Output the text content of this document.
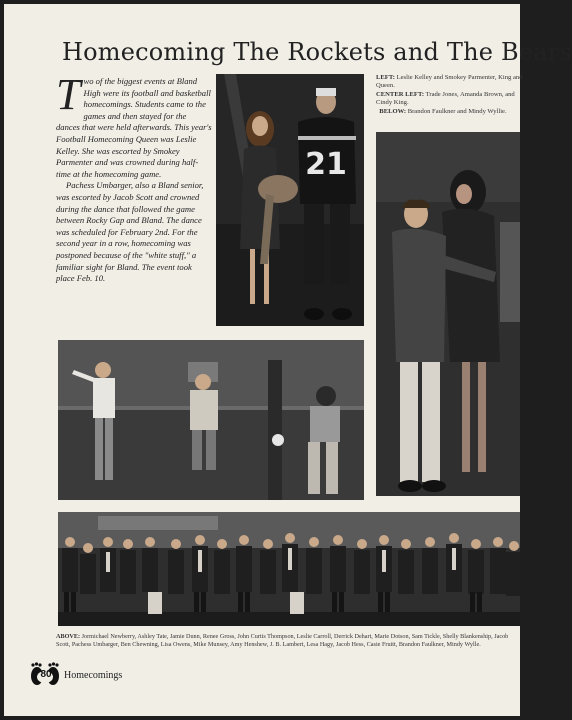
Homecoming The Rockets and The Bears
T wo of the biggest events at Bland High were its football and basketball homecomings. Students came to the games and then stayed for the dances that were held afterwards. This year's Football Homecoming Queen was Leslie Kelley. She was escorted by Smokey Parmenter and was crowned during half-time at the homecoming game.

Pachess Umbarger, also a Bland senior, was escorted by Jacob Scott and crowned during the dance that followed the game between Rocky Gap and Bland. The dance was scheduled for February 2nd. For the second year in a row, homecoming was postponed because of the "white stuff," a familiar sight for Bland. The event took place Feb. 10.

21

LEFT: Leslie Kelley and Smokey Parmenter, King and Queen.

CENTER LEFT: Trade Jones, Amanda Brown, and Cindy King.

BELOW: Brandon Faulkner and Mindy Wyllie.

ABOVE: Jormichael Newberry, Ashley Tate, Jamie Dunn, Renee Gross, John Curtis Thompson, Leslie Carroll, Derrick Dehart, Marie Dotson, Sam Tickle, Shelly Blankenship, Jacob Scott, Pachess Umbarger, Ben Chewning, Lisa Owens, Mike Munsey, Amy Henshew, J. B. Lambert, Lesa Hagy, Jacob Hess, Casie Fruitt, Brandon Faulkner, Mindy Wylle.
80	Homecomings
